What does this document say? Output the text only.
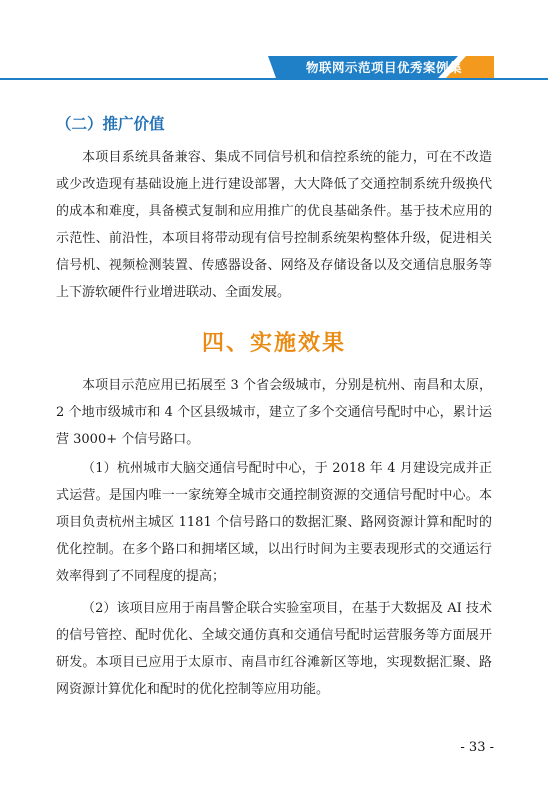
物联网示范项目优秀案例集
（二）推广价值

本项目系统具备兼容、集成不同信号机和信控系统的能力，可在不改造或少改造现有基础设施上进行建设部署，大大降低了交通控制系统升级换代的成本和难度，具备模式复制和应用推广的优良基础条件。基于技术应用的示范性、前沿性，本项目将带动现有信号控制系统架构整体升级，促进相关信号机、视频检测装置、传感器设备、网络及存储设备以及交通信息服务等上下游软硬件行业增进联动、全面发展。

四、实施效果

本项目示范应用已拓展至 3 个省会级城市，分别是杭州、南昌和太原，2 个地市级城市和 4 个区县级城市，建立了多个交通信号配时中心，累计运营 3000+ 个信号路口。

（1）杭州城市大脑交通信号配时中心，于 2018 年 4 月建设完成并正式运营。是国内唯一一家统筹全城市交通控制资源的交通信号配时中心。本项目负责杭州主城区 1181 个信号路口的数据汇聚、路网资源计算和配时的优化控制。在多个路口和拥堵区域，以出行时间为主要表现形式的交通运行效率得到了不同程度的提高；

（2）该项目应用于南昌警企联合实验室项目，在基于大数据及 AI 技术的信号管控、配时优化、全域交通仿真和交通信号配时运营服务等方面展开研发。本项目已应用于太原市、南昌市红谷滩新区等地，实现数据汇聚、路网资源计算优化和配时的优化控制等应用功能。

- 33 -
